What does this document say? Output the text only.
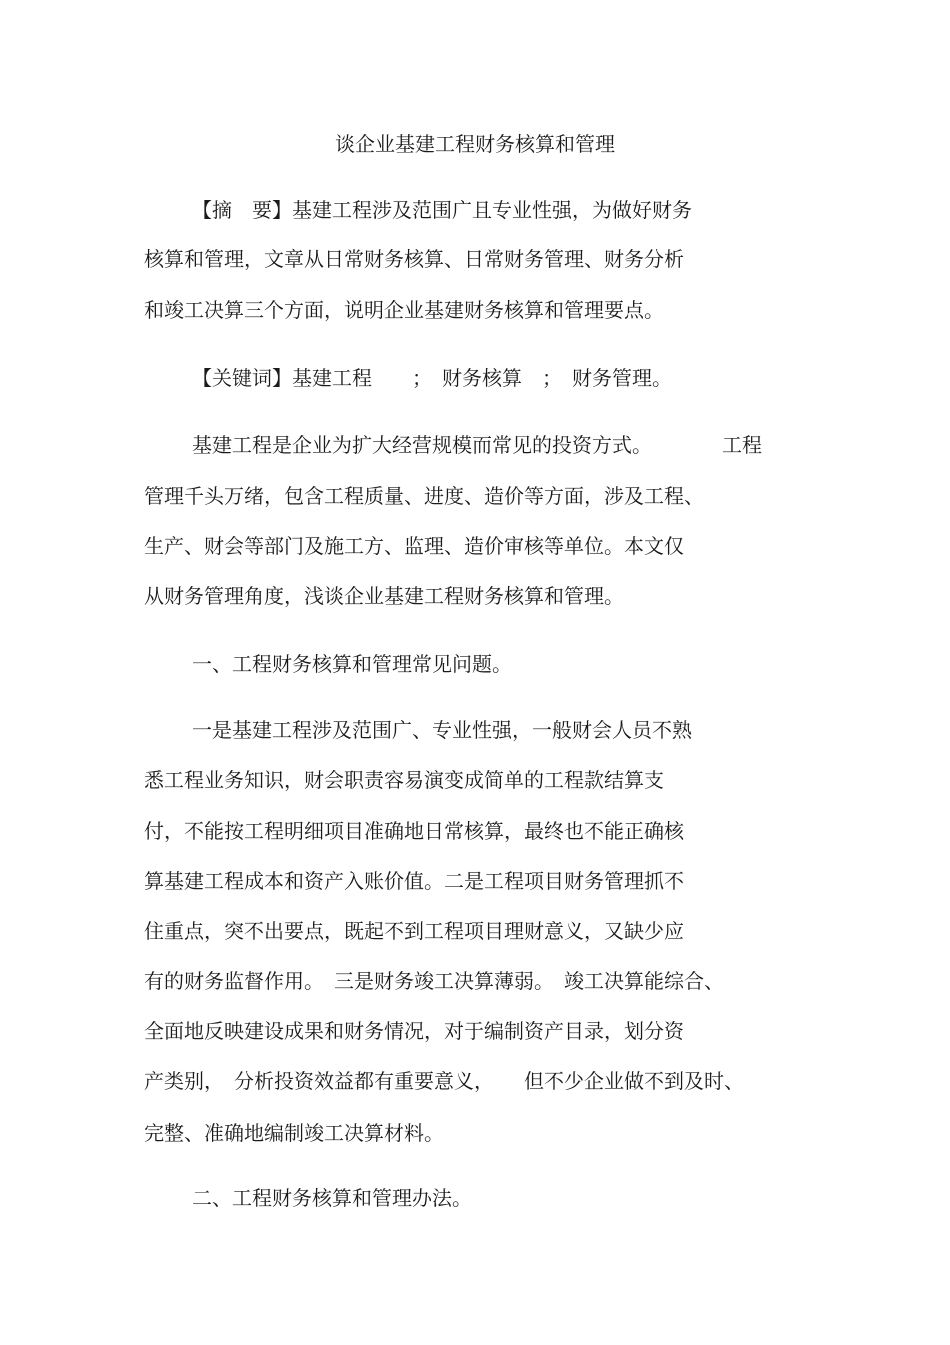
谈企业基建工程财务核算和管理
【摘　要】基建工程涉及范围广且专业性强，为做好财务
核算和管理，文章从日常财务核算、日常财务管理、财务分析
和竣工决算三个方面，说明企业基建财务核算和管理要点。
【关键词】基建工程　　；　财务核算　；　财务管理。
基建工程是企业为扩大经营规模而常见的投资方式。　　　　工程
管理千头万绪，包含工程质量、进度、造价等方面，涉及工程、
生产、财会等部门及施工方、监理、造价审核等单位。本文仅
从财务管理角度，浅谈企业基建工程财务核算和管理。
一、工程财务核算和管理常见问题。
一是基建工程涉及范围广、专业性强，一般财会人员不熟
悉工程业务知识，财会职责容易演变成简单的工程款结算支
付，不能按工程明细项目准确地日常核算，最终也不能正确核
算基建工程成本和资产入账价值。二是工程项目财务管理抓不
住重点，突不出要点，既起不到工程项目理财意义，又缺少应
有的财务监督作用。　三是财务竣工决算薄弱。　竣工决算能综合、
全面地反映建设成果和财务情况，对于编制资产目录，划分资
产类别，　分析投资效益都有重要意义，　　但不少企业做不到及时、
完整、准确地编制竣工决算材料。
二、工程财务核算和管理办法。
